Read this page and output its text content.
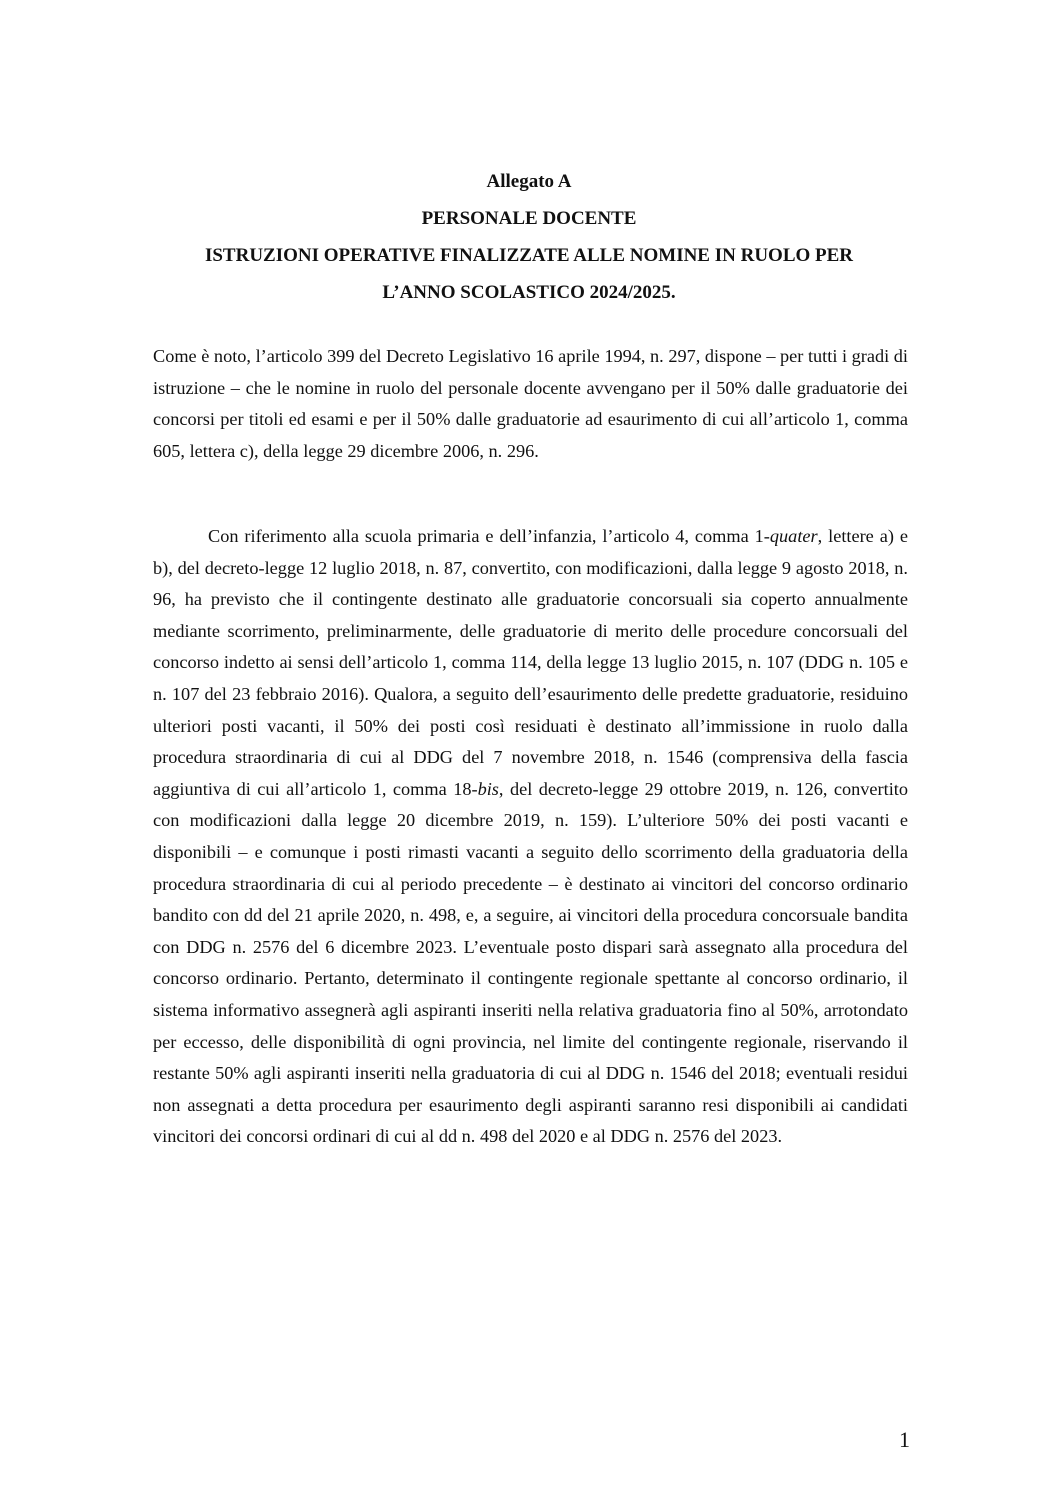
Allegato A
PERSONALE DOCENTE
ISTRUZIONI OPERATIVE FINALIZZATE ALLE NOMINE IN RUOLO PER
L’ANNO SCOLASTICO 2024/2025.

Come è noto, l’articolo 399 del Decreto Legislativo 16 aprile 1994, n. 297, dispone – per tutti i gradi di istruzione – che le nomine in ruolo del personale docente avvengano per il 50% dalle graduatorie dei concorsi per titoli ed esami e per il 50% dalle graduatorie ad esaurimento di cui all’articolo 1, comma 605, lettera c), della legge 29 dicembre 2006, n. 296.

Con riferimento alla scuola primaria e dell’infanzia, l’articolo 4, comma 1-quater, lettere a) e b), del decreto-legge 12 luglio 2018, n. 87, convertito, con modificazioni, dalla legge 9 agosto 2018, n. 96, ha previsto che il contingente destinato alle graduatorie concorsuali sia coperto annualmente mediante scorrimento, preliminarmente, delle graduatorie di merito delle procedure concorsuali del concorso indetto ai sensi dell’articolo 1, comma 114, della legge 13 luglio 2015, n. 107 (DDG n. 105 e n. 107 del 23 febbraio 2016). Qualora, a seguito dell’esaurimento delle predette graduatorie, residuino ulteriori posti vacanti, il 50% dei posti così residuati è destinato all’immissione in ruolo dalla procedura straordinaria di cui al DDG del 7 novembre 2018, n. 1546 (comprensiva della fascia aggiuntiva di cui all’articolo 1, comma 18-bis, del decreto-legge 29 ottobre 2019, n. 126, convertito con modificazioni dalla legge 20 dicembre 2019, n. 159). L’ulteriore 50% dei posti vacanti e disponibili – e comunque i posti rimasti vacanti a seguito dello scorrimento della graduatoria della procedura straordinaria di cui al periodo precedente – è destinato ai vincitori del concorso ordinario bandito con dd del 21 aprile 2020, n. 498, e, a seguire, ai vincitori della procedura concorsuale bandita con DDG n. 2576 del 6 dicembre 2023. L’eventuale posto dispari sarà assegnato alla procedura del concorso ordinario. Pertanto, determinato il contingente regionale spettante al concorso ordinario, il sistema informativo assegnerà agli aspiranti inseriti nella relativa graduatoria fino al 50%, arrotondato per eccesso, delle disponibilità di ogni provincia, nel limite del contingente regionale, riservando il restante 50% agli aspiranti inseriti nella graduatoria di cui al DDG n. 1546 del 2018; eventuali residui non assegnati a detta procedura per esaurimento degli aspiranti saranno resi disponibili ai candidati vincitori dei concorsi ordinari di cui al dd n. 498 del 2020 e al DDG n. 2576 del 2023.

1
